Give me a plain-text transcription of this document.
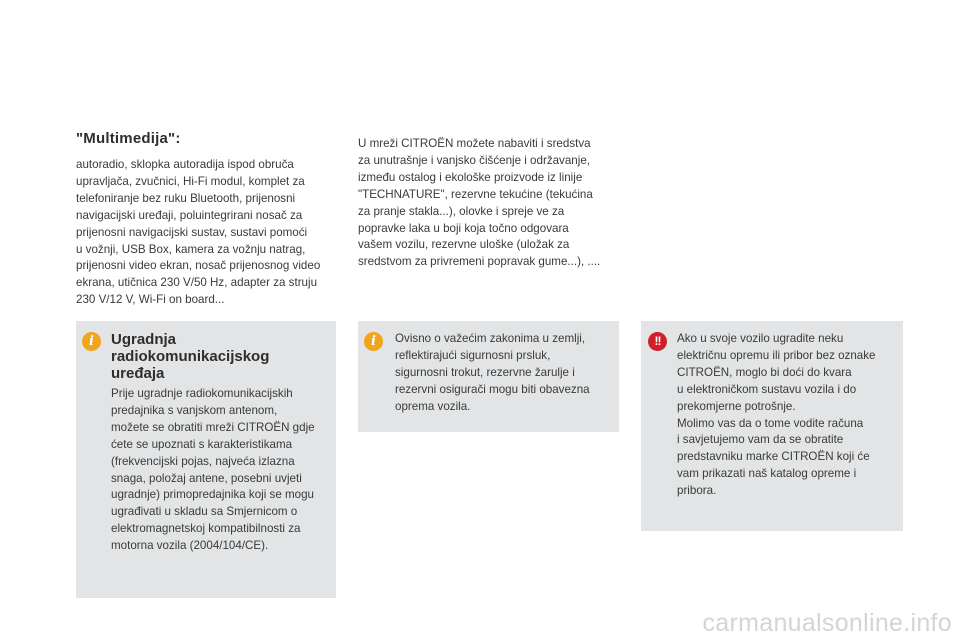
"Multimedija":
autoradio, sklopka autoradija ispod obruča
upravljača, zvučnici, Hi-Fi modul, komplet za
telefoniranje bez ruku Bluetooth, prijenosni
navigacijski uređaji, poluintegrirani nosač za
prijenosni navigacijski sustav, sustavi pomoći
u vožnji, USB Box, kamera za vožnju natrag,
prijenosni video ekran, nosač prijenosnog video
ekrana, utičnica 230 V/50 Hz, adapter za struju
230 V/12 V, Wi-Fi on board...
U mreži CITROËN možete nabaviti i sredstva
za unutrašnje i vanjsko čišćenje i održavanje,
između ostalog i ekološke proizvode iz linije
"TECHNATURE", rezervne tekućine (tekućina
za pranje stakla...), olovke i spreje ve za
popravke laka u boji koja točno odgovara
vašem vozilu, rezervne uloške (uložak za
sredstvom za privremeni popravak gume...), ....
i	Ugradnja
radiokomunikacijskog
uređaja
Prije ugradnje radiokomunikacijskih
predajnika s vanjskom antenom,
možete se obratiti mreži CITROËN gdje
ćete se upoznati s karakteristikama
(frekvencijski pojas, najveća izlazna
snaga, položaj antene, posebni uvjeti
ugradnje) primopredajnika koji se mogu
ugrađivati u skladu sa Smjernicom o
elektromagnetskoj kompatibilnosti za
motorna vozila (2004/104/CE).
i	Ovisno o važećim zakonima u zemlji,
reflektirajući sigurnosni prsluk,
sigurnosni trokut, rezervne žarulje i
rezervni osigurači mogu biti obavezna
oprema vozila.
!!	Ako u svoje vozilo ugradite neku
električnu opremu ili pribor bez oznake
CITROËN, moglo bi doći do kvara
u elektroničkom sustavu vozila i do
prekomjerne potrošnje.
Molimo vas da o tome vodite računa
i savjetujemo vam da se obratite
predstavniku marke CITROËN koji će
vam prikazati naš katalog opreme i
pribora.
carmanualsonline.info
